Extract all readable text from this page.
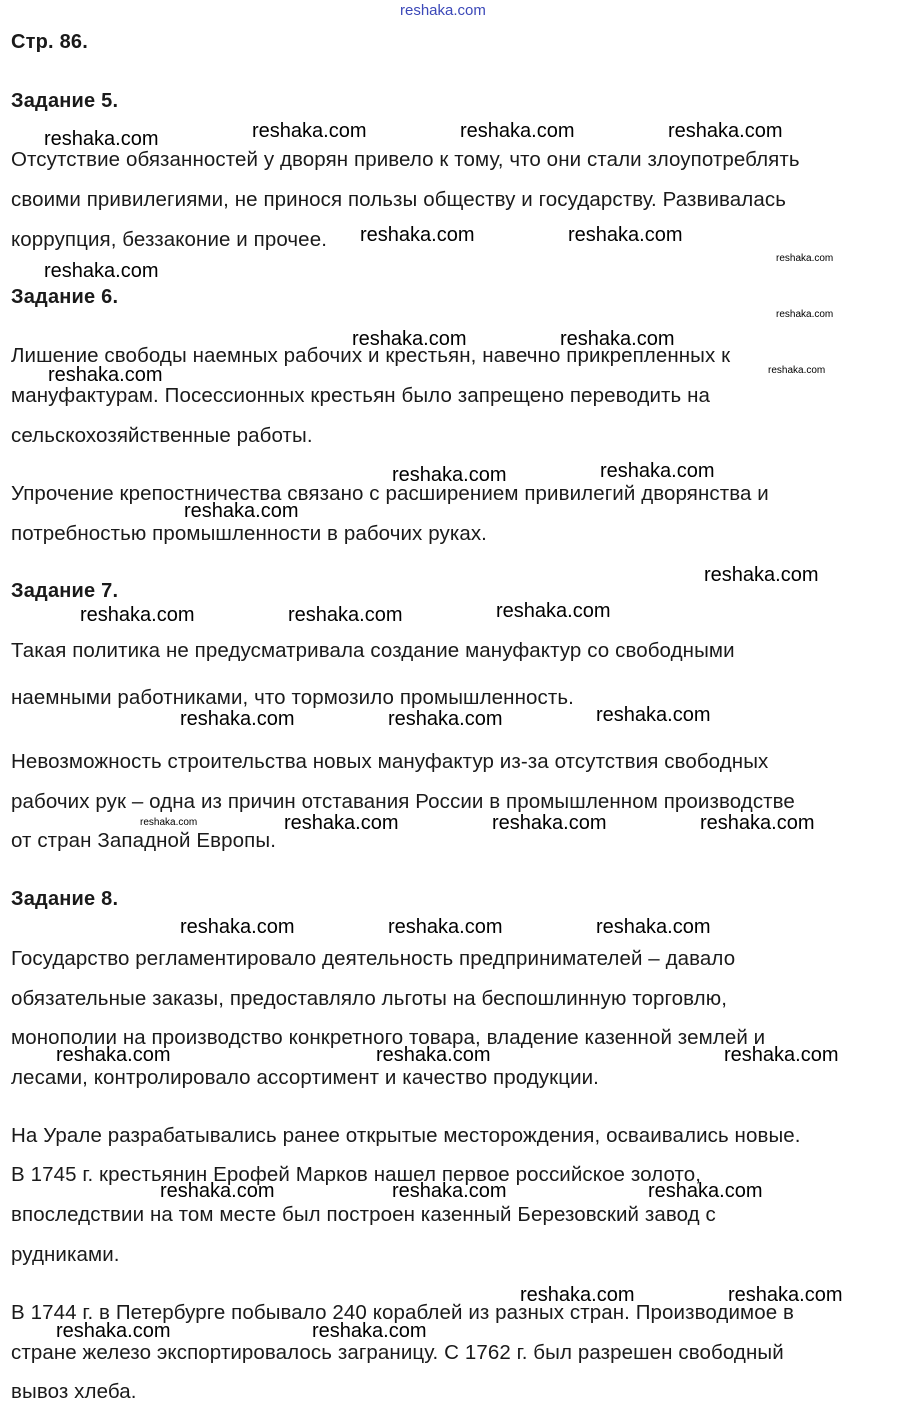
reshaka.com
Стр. 86.
Задание 5.
Отсутствие обязанностей у дворян привело к тому, что они стали злоупотреблять
своими привилегиями, не принося пользы обществу и государству. Развивалась
коррупция, беззаконие и прочее.
Задание 6.
Лишение свободы наемных рабочих и крестьян, навечно прикрепленных к
мануфактурам. Посессионных крестьян было запрещено переводить на
сельскохозяйственные работы.
Упрочение крепостничества связано с расширением привилегий дворянства и
потребностью промышленности в рабочих руках.
Задание 7.
Такая политика не предусматривала создание мануфактур со свободными
наемными работниками, что тормозило промышленность.
Невозможность строительства новых мануфактур из-за отсутствия свободных
рабочих рук – одна из причин отставания России в промышленном производстве
от стран Западной Европы.
Задание 8.
Государство регламентировало деятельность предпринимателей – давало
обязательные заказы, предоставляло льготы на беспошлинную торговлю,
монополии на производство конкретного товара, владение казенной землей и
лесами, контролировало ассортимент и качество продукции.
На Урале разрабатывались ранее открытые месторождения, осваивались новые.
В 1745 г. крестьянин Ерофей Марков нашел первое российское золото,
впоследствии на том месте был построен казенный Березовский завод с
рудниками.
В 1744 г. в Петербурге побывало 240 кораблей из разных стран. Производимое в
стране железо экспортировалось заграницу. С 1762 г. был разрешен свободный
вывоз хлеба.
reshaka.com	reshaka.com	reshaka.com	reshaka.com
reshaka.com	reshaka.com
reshaka.com
reshaka.com	reshaka.com
reshaka.com
reshaka.com	reshaka.com
reshaka.com
reshaka.com
reshaka.com	reshaka.com	reshaka.com
reshaka.com	reshaka.com	reshaka.com
reshaka.com	reshaka.com	reshaka.com
reshaka.com	reshaka.com	reshaka.com
reshaka.com	reshaka.com	reshaka.com
reshaka.com	reshaka.com	reshaka.com
reshaka.com	reshaka.com
reshaka.com	reshaka.com
reshaka.com
reshaka.com
reshaka.com
reshaka.com
